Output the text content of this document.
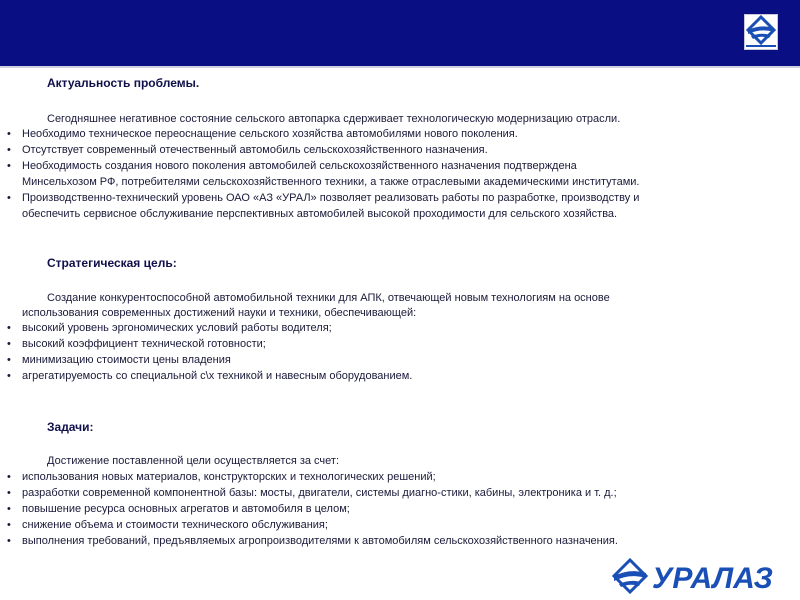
Актуальность проблемы.
Сегодняшнее негативное состояние сельского автопарка сдерживает технологическую модернизацию отрасли.
• Необходимо техническое переоснащение сельского хозяйства автомобилями нового поколения.
• Отсутствует современный отечественный автомобиль сельскохозяйственного назначения.
• Необходимость создания нового поколения автомобилей сельскохозяйственного назначения подтверждена
Минсельхозом РФ, потребителями сельскохозяйственного техники, а также отраслевыми академическими институтами.
• Производственно-технический уровень ОАО «АЗ «УРАЛ» позволяет реализовать работы по разработке, производству и
обеспечить сервисное обслуживание перспективных автомобилей высокой проходимости для сельского хозяйства.
Стратегическая цель:
Создание конкурентоспособной автомобильной техники для АПК, отвечающей новым технологиям на основе
использования современных достижений науки и техники, обеспечивающей:
• высокий уровень эргономических условий работы водителя;
• высокий коэффициент технической готовности;
• минимизацию стоимости цены владения
• агрегатируемость со специальной с\х техникой и навесным оборудованием.
Задачи:
Достижение поставленной цели осуществляется за счет:
• использования новых материалов, конструкторских и технологических решений;
• разработки современной компонентной базы: мосты, двигатели, системы диагно-стики, кабины, электроника и т. д.;
• повышение ресурса основных агрегатов и автомобиля в целом;
• снижение объема и стоимости технического обслуживания;
• выполнения требований, предъявляемых агропроизводителями к автомобилям сельскохозяйственного назначения.
УРАЛАЗ
